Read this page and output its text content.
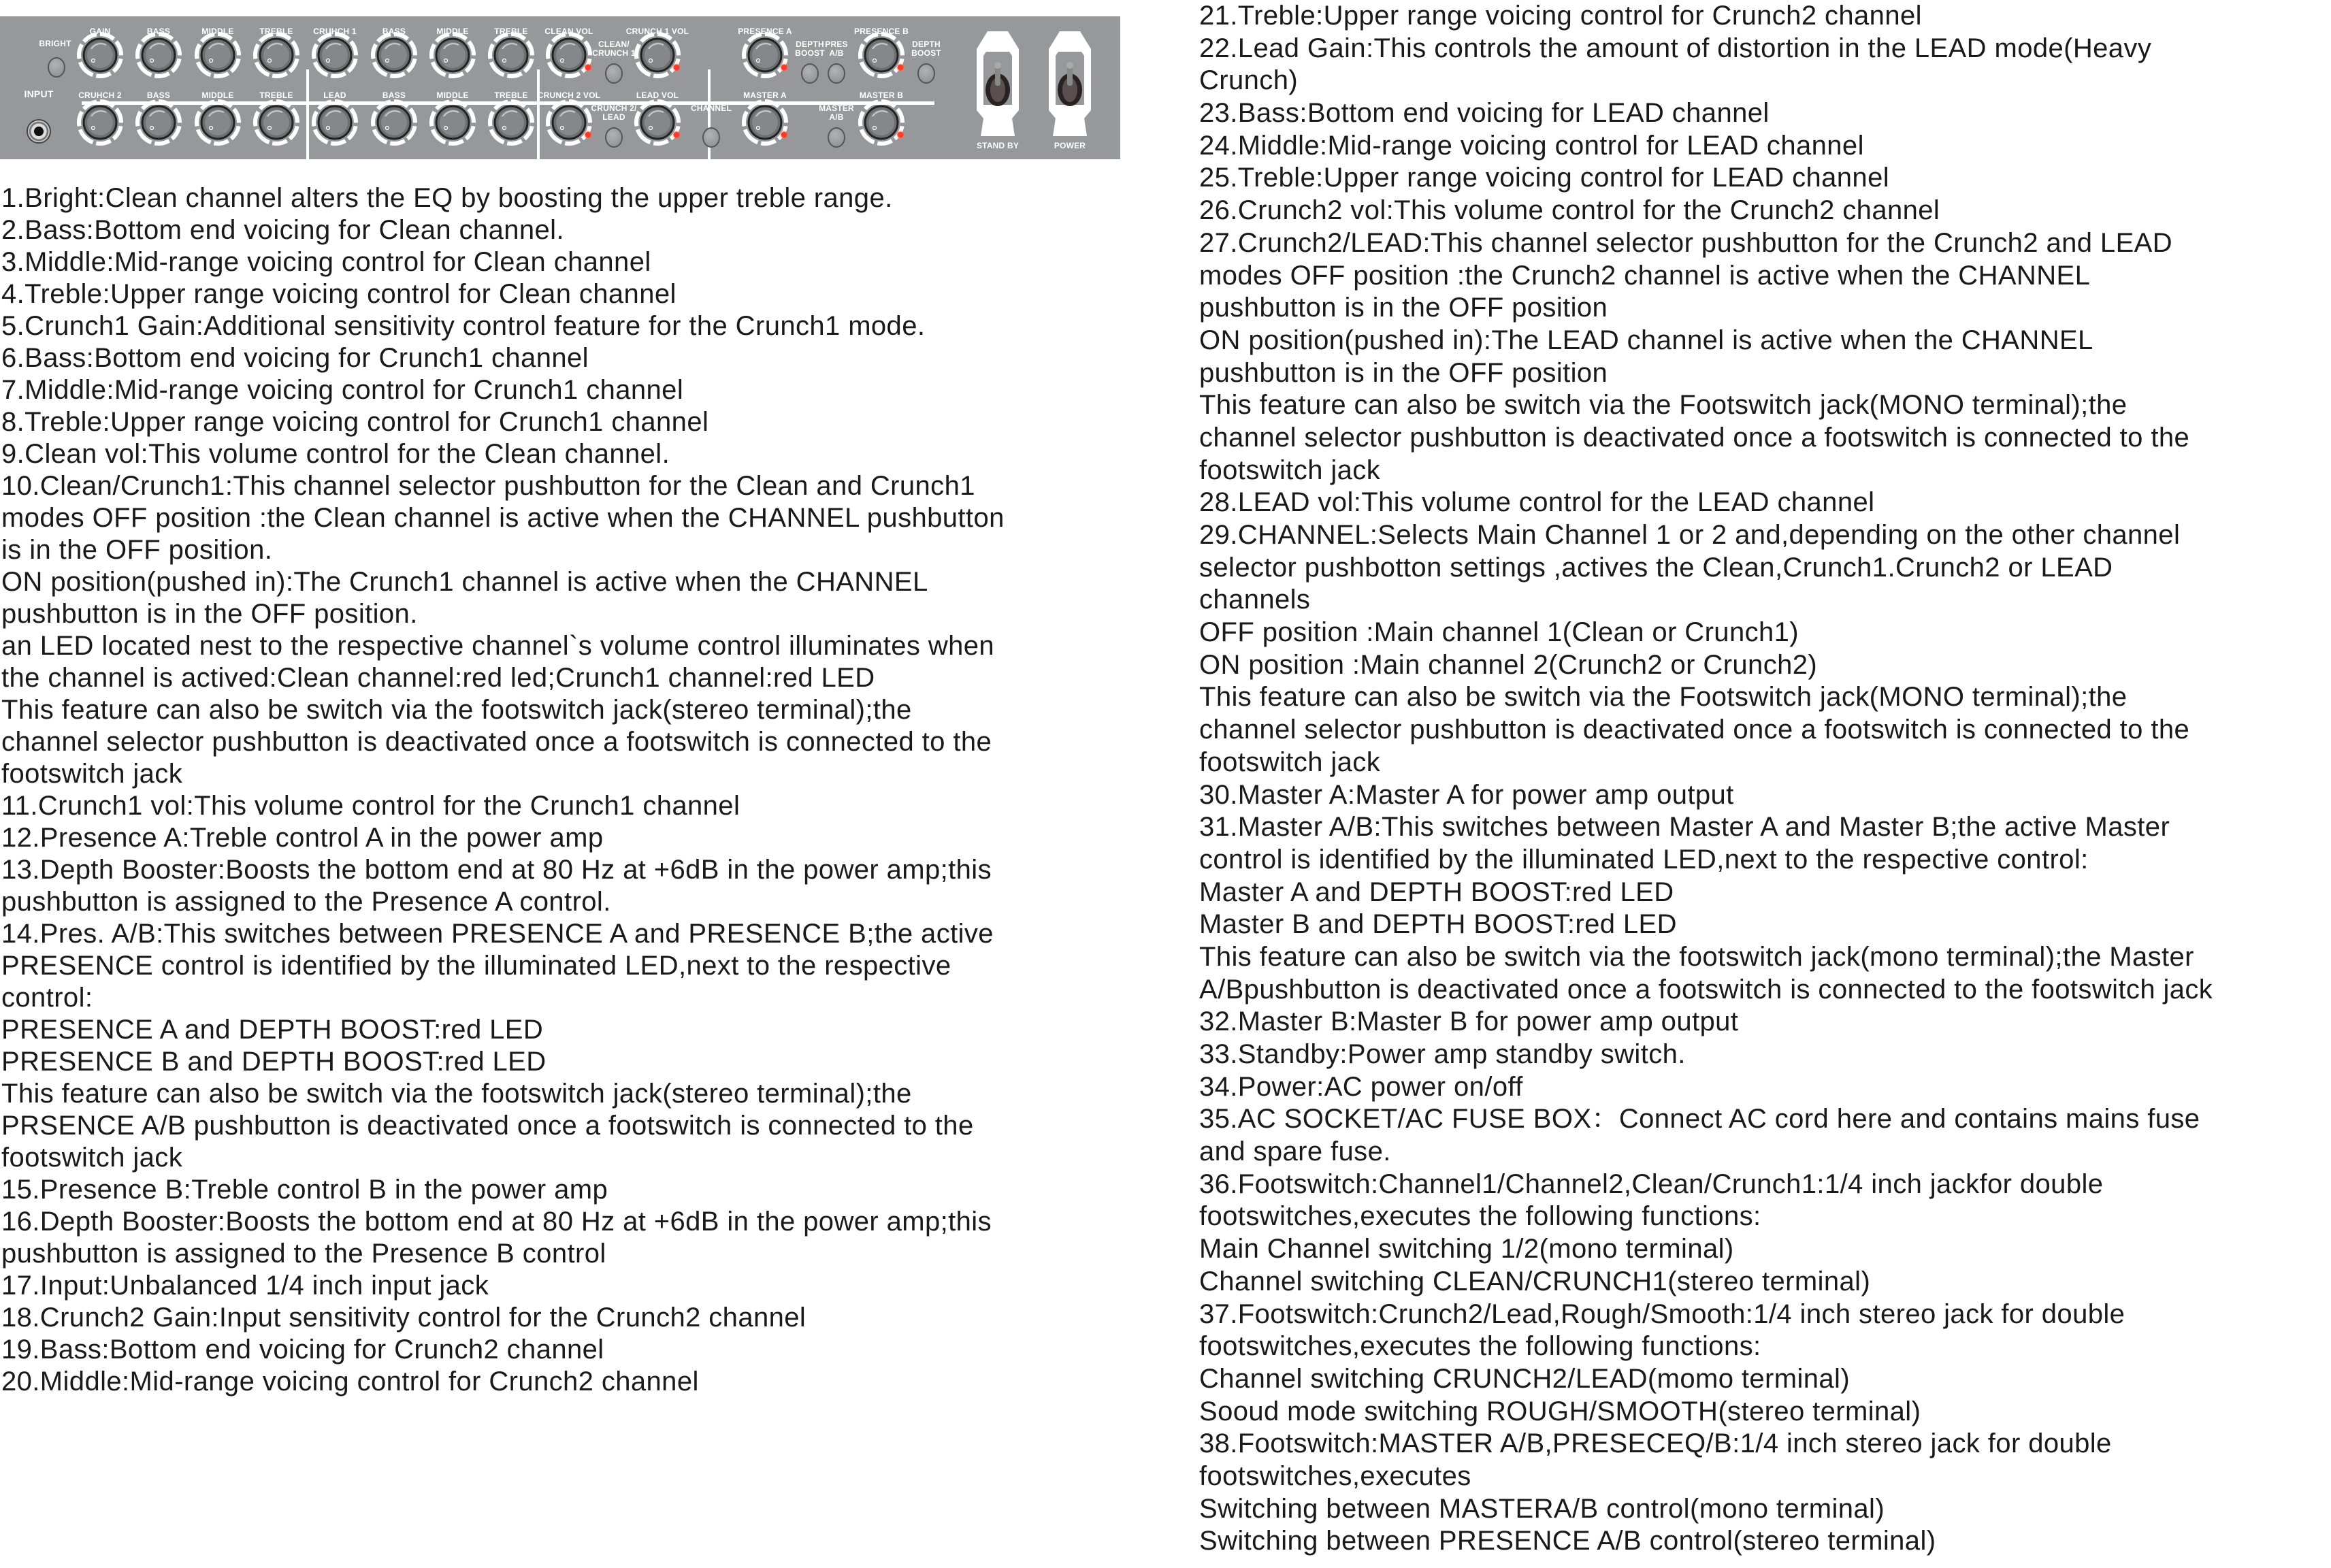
BRIGHT
INPUT
GAIN	BASS	MIDDLE	TREBLE CRUHCH 1	BASS	MIDDLE	TREBLE CLEAN VOL	CRUNCH 1 VOL	PRESENCE A	PRESENCE B
CRUHCH 2	BASS	MIDDLE	TREBLE	LEAD	BASS	MIDDLE	TREBLE CRUNCH 2 VOL	LEAD VOL	MASTER A	MASTER B
CLEAN/
CRUNCH 1
DEPTH
BOOST
PRES
A/B
DEPTH
BOOST
CRUNCH 2/
LEAD
CHANNEL	MASTER
A/B
STAND BY	POWER
1.Bright:Clean channel alters the EQ by boosting the upper treble range.
2.Bass:Bottom end voicing for Clean channel.
3.Middle:Mid-range voicing control for Clean channel
4.Treble:Upper range voicing control for Clean channel
5.Crunch1 Gain:Additional sensitivity control feature for the Crunch1 mode.
6.Bass:Bottom end voicing for Crunch1 channel
7.Middle:Mid-range voicing control for Crunch1 channel
8.Treble:Upper range voicing control for Crunch1 channel
9.Clean vol:This volume control for the Clean channel.
10.Clean/Crunch1:This channel selector pushbutton for the Clean and Crunch1
modes OFF position :the Clean channel is active when the CHANNEL pushbutton
is in the OFF position.
ON position(pushed in):The Crunch1 channel is active when the CHANNEL
pushbutton is in the OFF position.
an LED located nest to the respective channel`s volume control illuminates when
the channel is actived:Clean channel:red led;Crunch1 channel:red LED
This feature can also be switch via the footswitch jack(stereo terminal);the
channel selector pushbutton is deactivated once a footswitch is connected to the
footswitch jack
11.Crunch1 vol:This volume control for the Crunch1 channel
12.Presence A:Treble control A in the power amp
13.Depth Booster:Boosts the bottom end at 80 Hz at +6dB in the power amp;this
pushbutton is assigned to the Presence A control.
14.Pres. A/B:This switches between PRESENCE A and PRESENCE B;the active
PRESENCE control is identified by the illuminated LED,next to the respective
control:
PRESENCE A and DEPTH BOOST:red LED
PRESENCE B and DEPTH BOOST:red LED
This feature can also be switch via the footswitch jack(stereo terminal);the
PRSENCE A/B pushbutton is deactivated once a footswitch is connected to the
footswitch jack
15.Presence B:Treble control B in the power amp
16.Depth Booster:Boosts the bottom end at 80 Hz at +6dB in the power amp;this
pushbutton is assigned to the Presence B control
17.Input:Unbalanced 1/4 inch input jack
18.Crunch2 Gain:Input sensitivity control for the Crunch2 channel
19.Bass:Bottom end voicing for Crunch2 channel
20.Middle:Mid-range voicing control for Crunch2 channel
21.Treble:Upper range voicing control for Crunch2 channel
22.Lead Gain:This controls the amount of distortion in the LEAD mode(Heavy
Crunch)
23.Bass:Bottom end voicing for LEAD channel
24.Middle:Mid-range voicing control for LEAD channel
25.Treble:Upper range voicing control for LEAD channel
26.Crunch2 vol:This volume control for the Crunch2 channel
27.Crunch2/LEAD:This channel selector pushbutton for the Crunch2 and LEAD
modes OFF position :the Crunch2 channel is active when the CHANNEL
pushbutton is in the OFF position
ON position(pushed in):The LEAD channel is active when the CHANNEL
pushbutton is in the OFF position
This feature can also be switch via the Footswitch jack(MONO terminal);the
channel selector pushbutton is deactivated once a footswitch is connected to the
footswitch jack
28.LEAD vol:This volume control for the LEAD channel
29.CHANNEL:Selects Main Channel 1 or 2 and,depending on the other channel
selector pushbotton settings ,actives the Clean,Crunch1.Crunch2 or LEAD
channels
OFF position :Main channel 1(Clean or Crunch1)
ON position :Main channel 2(Crunch2 or Crunch2)
This feature can also be switch via the Footswitch jack(MONO terminal);the
channel selector pushbutton is deactivated once a footswitch is connected to the
footswitch jack
30.Master A:Master A for power amp output
31.Master A/B:This switches between Master A and Master B;the active Master
control is identified by the illuminated LED,next to the respective control:
Master A and DEPTH BOOST:red LED
Master B and DEPTH BOOST:red LED
This feature can also be switch via the footswitch jack(mono terminal);the Master
A/Bpushbutton is deactivated once a footswitch is connected to the footswitch jack
32.Master B:Master B for power amp output
33.Standby:Power amp standby switch.
34.Power:AC power on/off
35.AC SOCKET/AC FUSE BOX：Connect AC cord here and contains mains fuse
and spare fuse.
36.Footswitch:Channel1/Channel2,Clean/Crunch1:1/4 inch jackfor double
footswitches,executes the following functions:
Main Channel switching 1/2(mono terminal)
Channel switching CLEAN/CRUNCH1(stereo terminal)
37.Footswitch:Crunch2/Lead,Rough/Smooth:1/4 inch stereo jack for double
footswitches,executes the following functions:
Channel switching CRUNCH2/LEAD(momo terminal)
Sooud mode switching ROUGH/SMOOTH(stereo terminal)
38.Footswitch:MASTER A/B,PRESECEQ/B:1/4 inch stereo jack for double
footswitches,executes
Switching between MASTERA/B control(mono terminal)
Switching between PRESENCE A/B control(stereo terminal)
